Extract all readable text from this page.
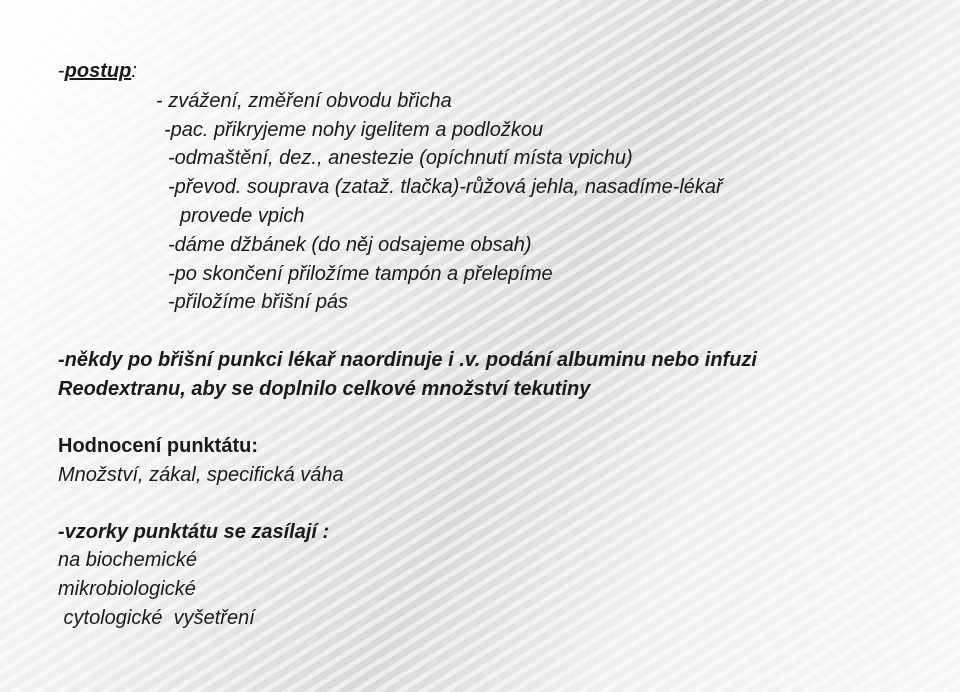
-postup:
- zvážení, změření obvodu břicha
-pac. přikryjeme nohy igelitem a podložkou
-odmaštění, dez., anestezie (opíchnutí místa vpichu)
-převod. souprava (zatаž. tlačka)-růžová jehla, nasadíme-lékař
provede vpich
-dáme džbánek (do něj odsajeme obsah)
-po skončení přiložíme tampón a přelepíme
-přiložíme břišní pás
-někdy po břišní punkci lékař naordinuje i .v. podání albuminu nebo infuzi
Reodextranu, aby se doplnilo celkové množství tekutiny
Hodnocení punktátu:
Množství, zákal, specifická váha
-vzorky punktátu se zasílají :
na biochemické
mikrobiologické
cytologické  vyšetření
